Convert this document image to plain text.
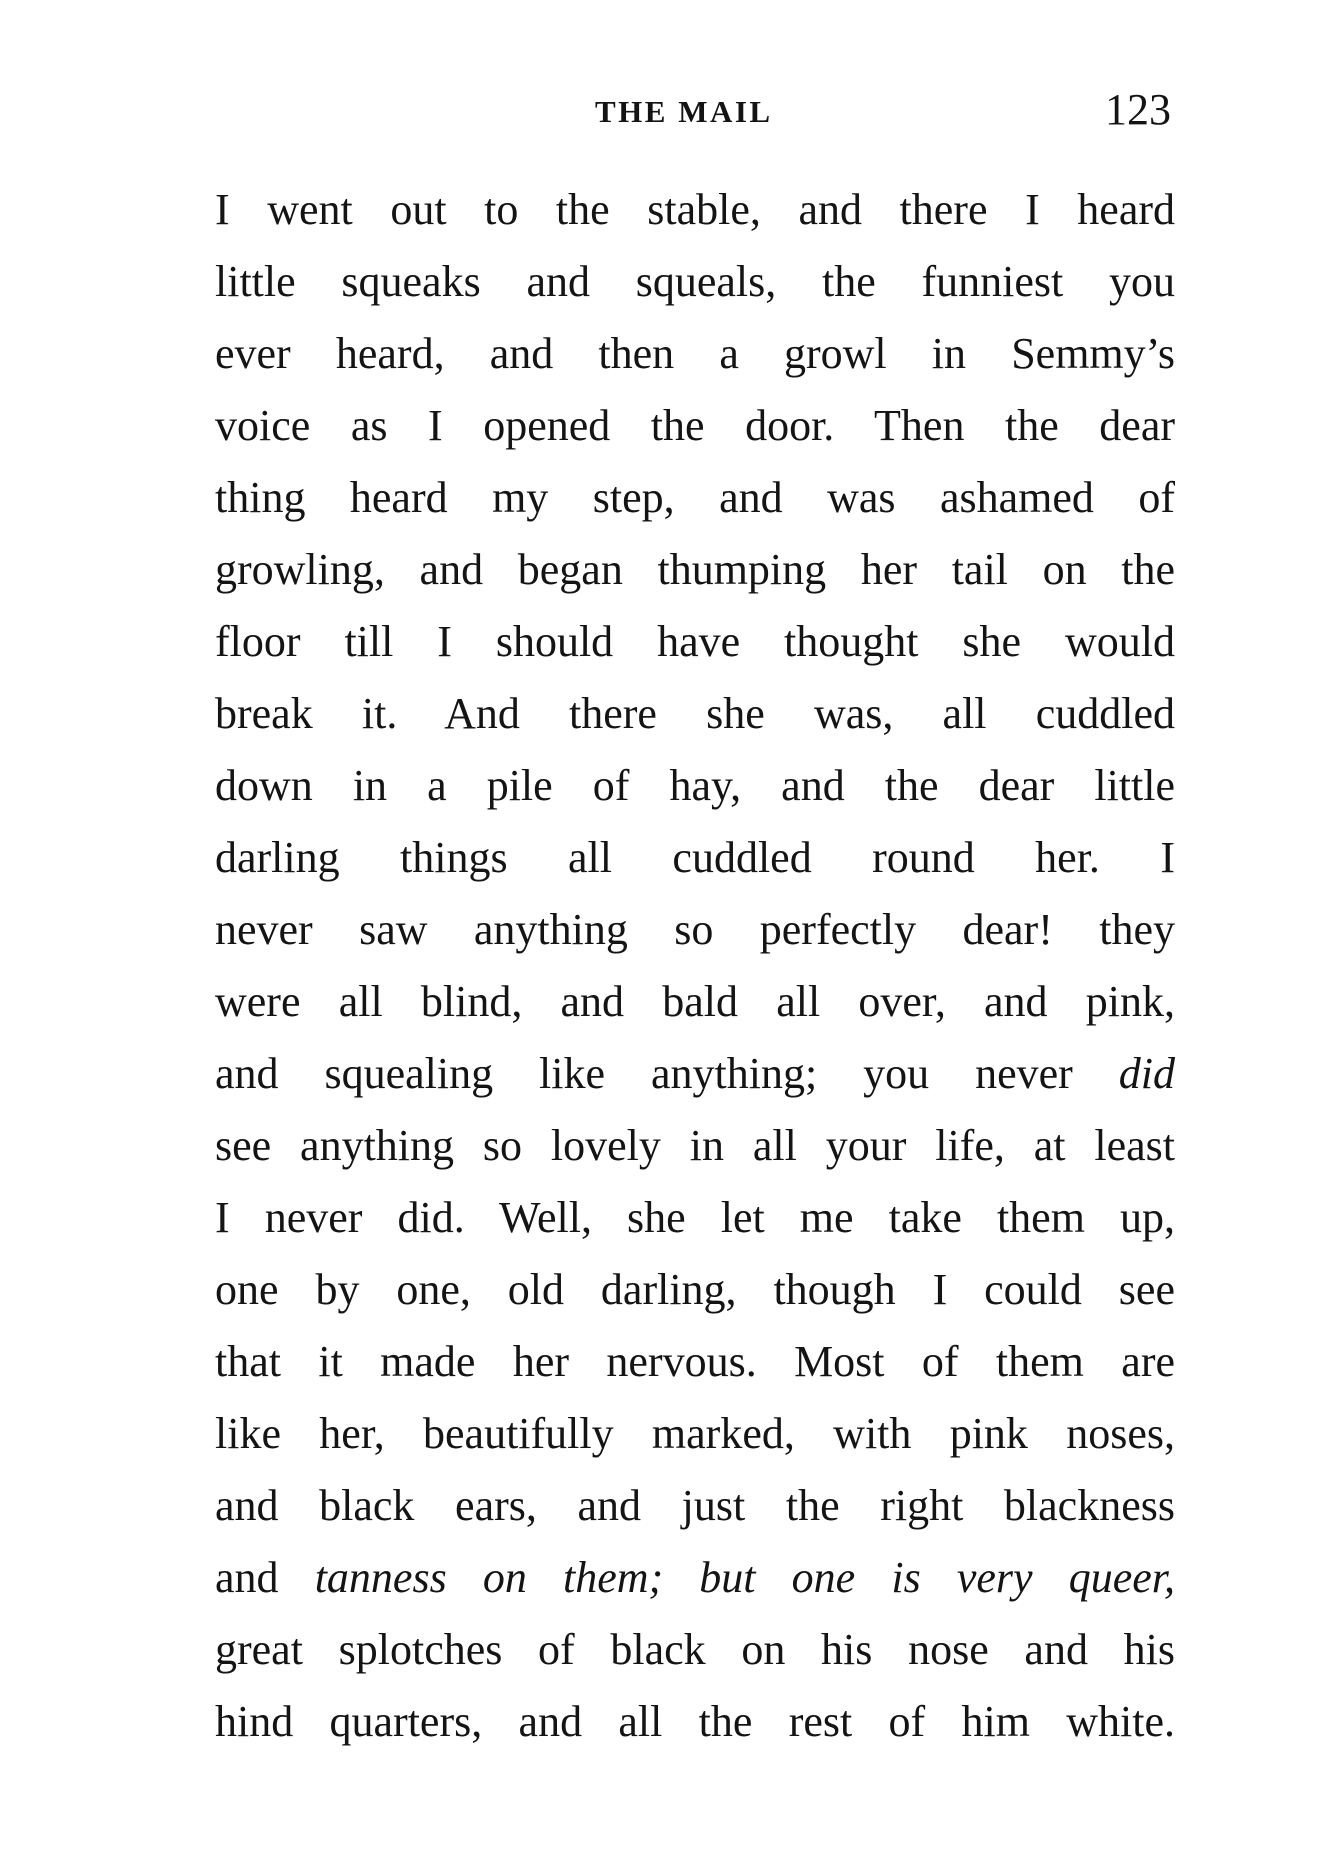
THE MAIL	123
I went out to the stable, and there I heard
little squeaks and squeals, the funniest you
ever heard, and then a growl in Semmy’s
voice as I opened the door. Then the dear
thing heard my step, and was ashamed of
growling, and began thumping her tail on the
floor till I should have thought she would
break it. And there she was, all cuddled
down in a pile of hay, and the dear little
darling things all cuddled round her. I
never saw anything so perfectly dear! they
were all blind, and bald all over, and pink,
and squealing like anything; you never did
see anything so lovely in all your life, at least
I never did. Well, she let me take them up,
one by one, old darling, though I could see
that it made her nervous. Most of them are
like her, beautifully marked, with pink noses,
and black ears, and just the right blackness
and tanness on them; but one is very queer,
great splotches of black on his nose and his
hind quarters, and all the rest of him white.
